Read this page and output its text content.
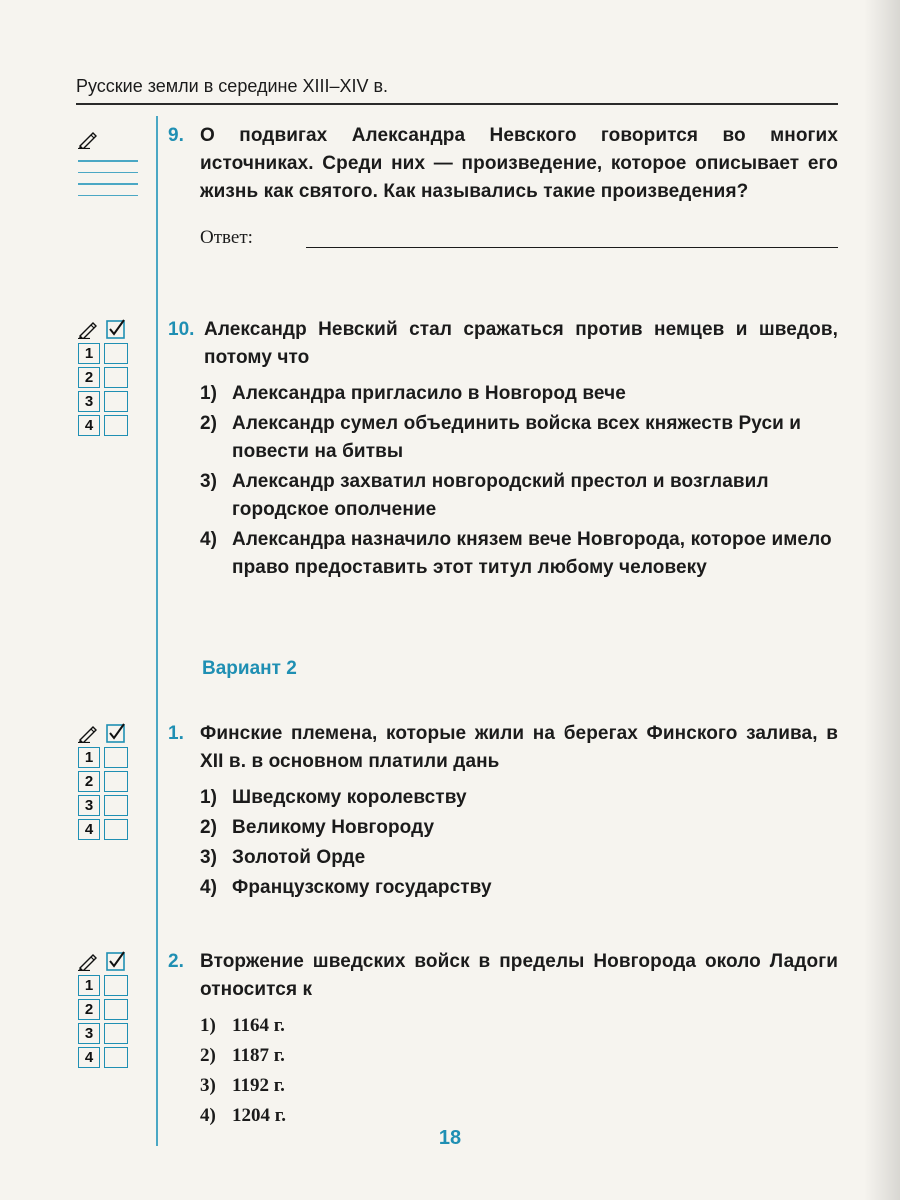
Русские земли в середине XIII–XIV в.
9. О подвигах Александра Невского говорится во многих источниках. Среди них — произведение, которое описывает его жизнь как святого. Как назывались такие произведения?
Ответ:
1
2
3
4
10. Александр Невский стал сражаться против немцев и шведов, потому что
1) Александра пригласило в Новгород вече
2) Александр сумел объединить войска всех княжеств Руси и повести на битвы
3) Александр захватил новгородский престол и возглавил городское ополчение
4) Александра назначило князем вече Новгорода, которое имело право предоставить этот титул любому человеку
Вариант 2
1
2
3
4
1. Финские племена, которые жили на берегах Финского залива, в XII в. в основном платили дань
1) Шведскому королевству
2) Великому Новгороду
3) Золотой Орде
4) Французскому государству
1
2
3
4
2. Вторжение шведских войск в пределы Новгорода около Ладоги относится к
1) 1164 г.
2) 1187 г.
3) 1192 г.
4) 1204 г.
18
